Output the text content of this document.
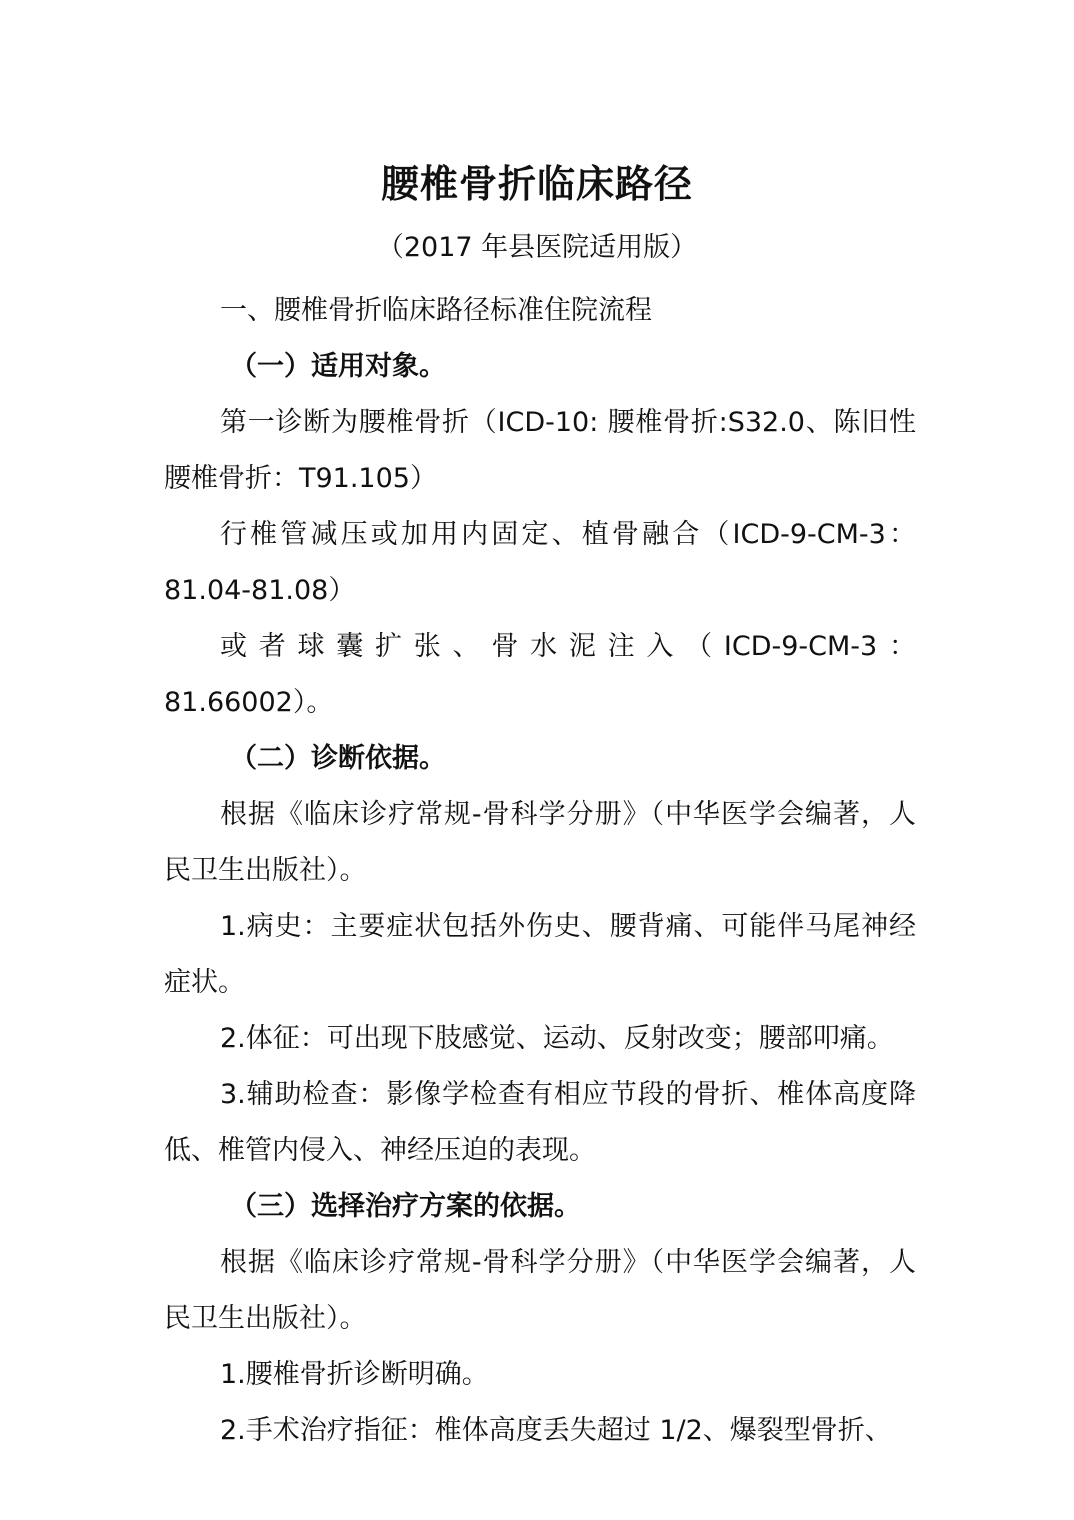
腰椎骨折临床路径
（2017 年县医院适用版）

一、腰椎骨折临床路径标准住院流程

（一）适用对象。

第一诊断为腰椎骨折（ICD-10: 腰椎骨折:S32.0、陈旧性腰椎骨折：T91.105）

行椎管减压或加用内固定、植骨融合（ICD-9-CM-3：81.04-81.08）

或者球囊扩张、骨水泥注入（ICD-9-CM-3：81.66002）。

（二）诊断依据。

根据《临床诊疗常规-骨科学分册》（中华医学会编著，人民卫生出版社）。

1.病史：主要症状包括外伤史、腰背痛、可能伴马尾神经症状。

2.体征：可出现下肢感觉、运动、反射改变；腰部叩痛。

3.辅助检查：影像学检查有相应节段的骨折、椎体高度降低、椎管内侵入、神经压迫的表现。

（三）选择治疗方案的依据。

根据《临床诊疗常规-骨科学分册》（中华医学会编著，人民卫生出版社）。

1.腰椎骨折诊断明确。

2.手术治疗指征：椎体高度丢失超过 1/2、爆裂型骨折、
